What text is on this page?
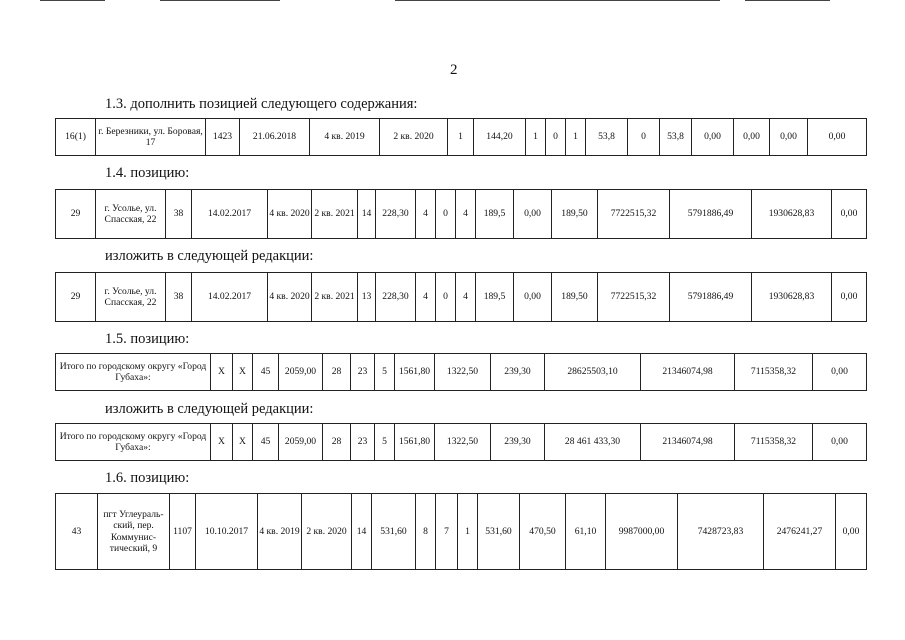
2
1.3. дополнить позицией следующего содержания:
16(1)	г. Березники, ул. Боровая, 17	1423	21.06.2018	4 кв. 2019	2 кв. 2020	1	144,20	1	0	1	53,8	0	53,8	0,00	0,00	0,00	0,00
1.4. позицию:
29	г. Усолье, ул. Спасская, 22	38	14.02.2017	4 кв. 2020	2 кв. 2021	14	228,30	4	0	4	189,5	0,00	189,50	7722515,32	5791886,49	1930628,83	0,00
изложить в следующей редакции:
29	г. Усолье, ул. Спасская, 22	38	14.02.2017	4 кв. 2020	2 кв. 2021	13	228,30	4	0	4	189,5	0,00	189,50	7722515,32	5791886,49	1930628,83	0,00
1.5. позицию:
Итого по городскому округу «Город Губаха»:	X	X	45	2059,00	28	23	5	1561,80	1322,50	239,30	28625503,10	21346074,98	7115358,32	0,00
изложить в следующей редакции:
Итого по городскому округу «Город Губаха»:	X	X	45	2059,00	28	23	5	1561,80	1322,50	239,30	28 461 433,30	21346074,98	7115358,32	0,00
1.6. позицию:
43	пгт Углеураль-ский, пер. Коммунис-тический, 9	1107	10.10.2017	4 кв. 2019	2 кв. 2020	14	531,60	8	7	1	531,60	470,50	61,10	9987000,00	7428723,83	2476241,27	0,00
